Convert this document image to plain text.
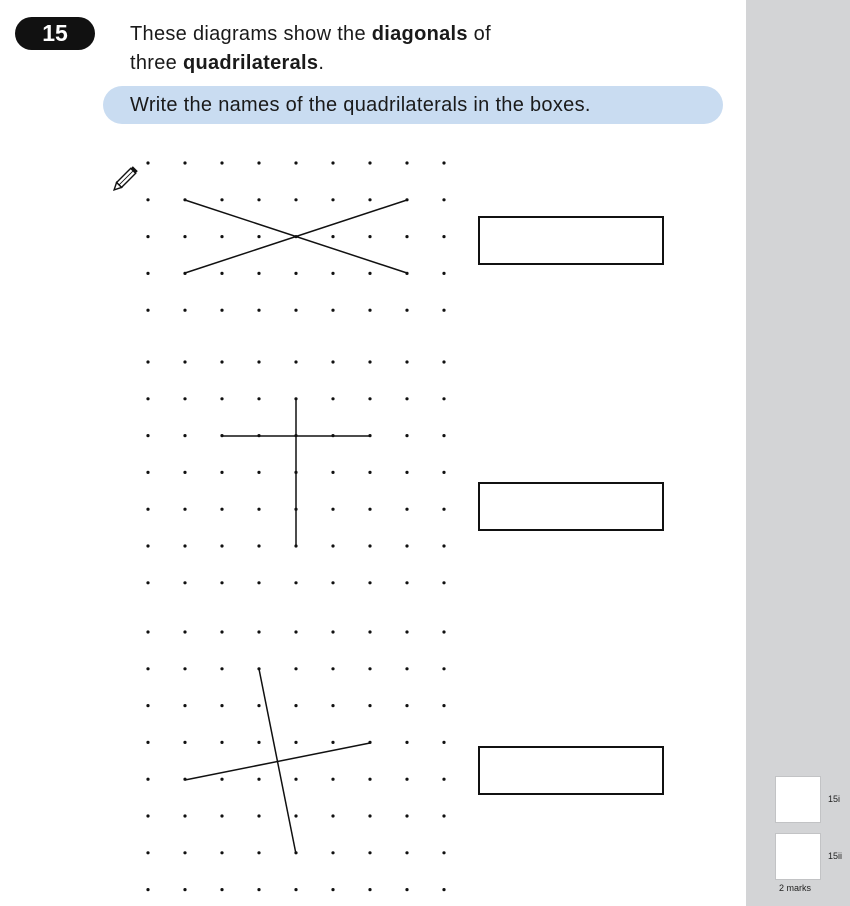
15	These diagrams show the diagonals of
three quadrilaterals.
Write the names of the quadrilaterals in the boxes.
15i
15ii
2 marks
